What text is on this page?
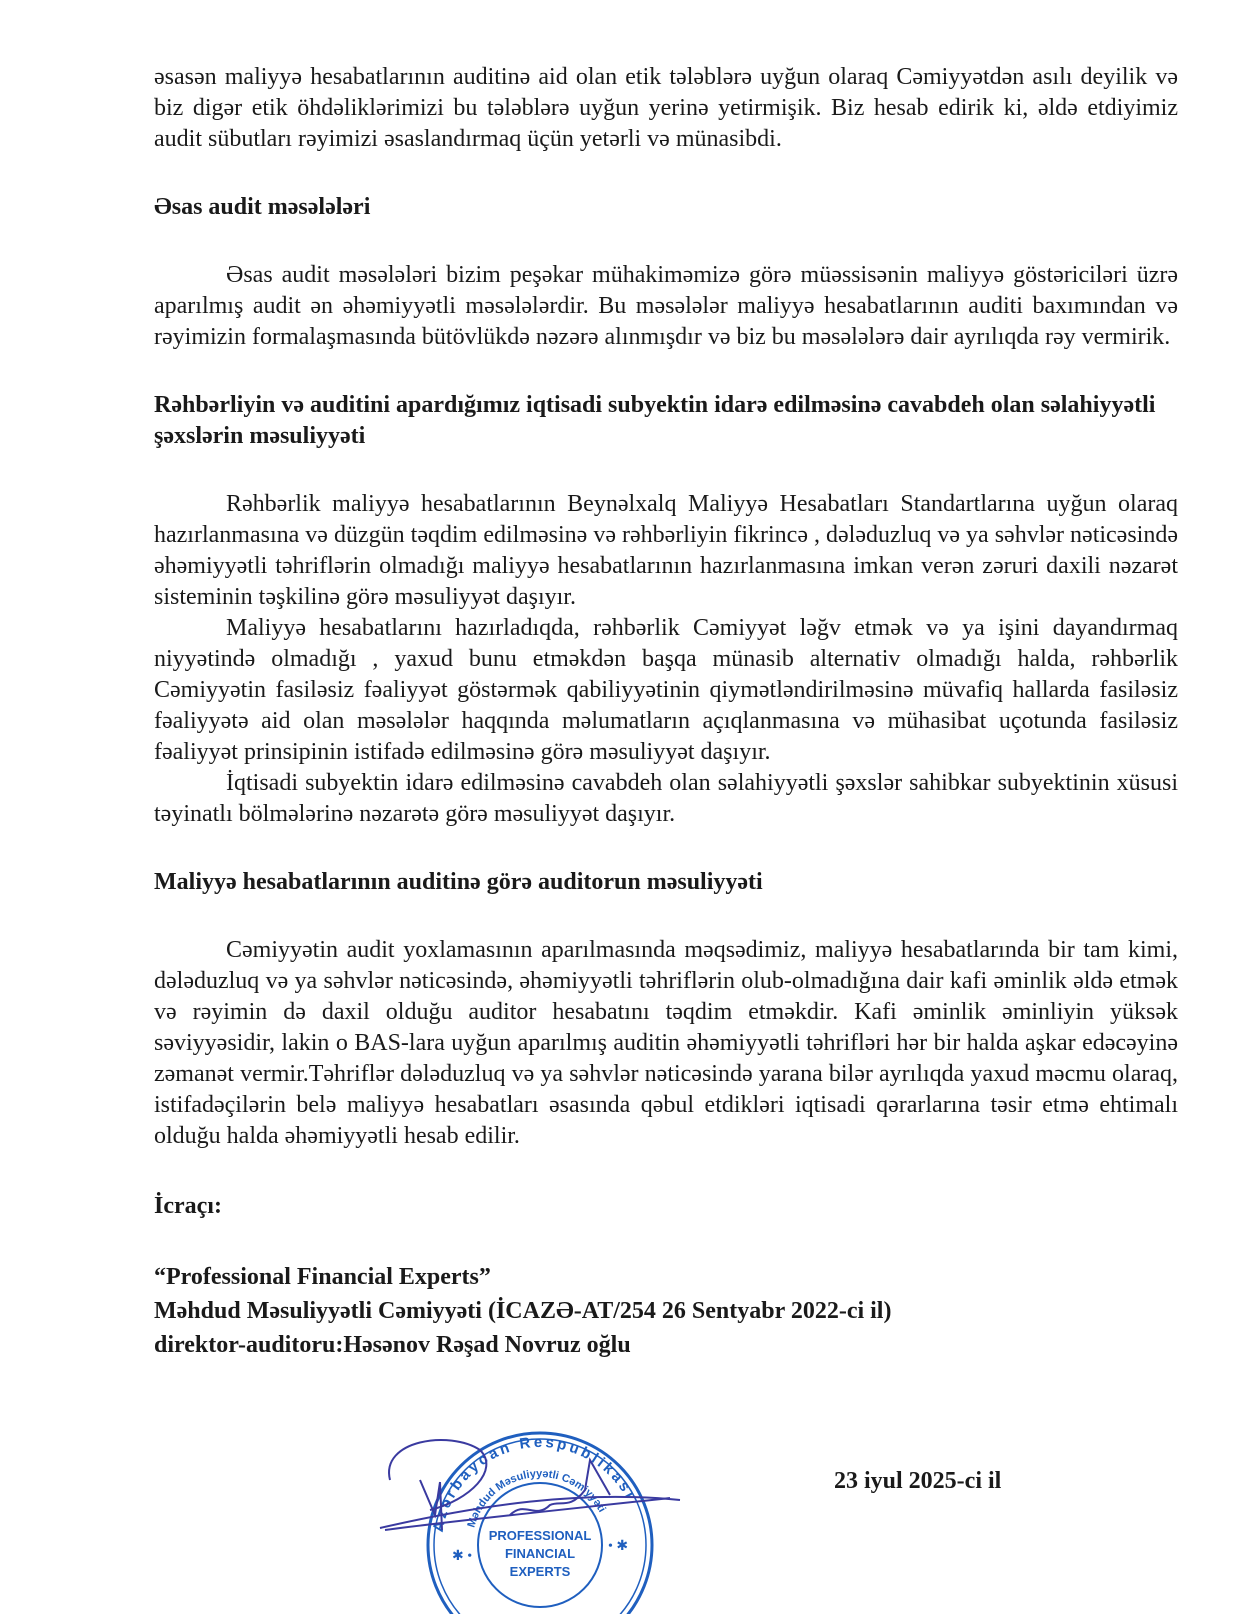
əsasən maliyyə hesabatlarının auditinə aid olan etik tələblərə uyğun olaraq Cəmiyyətdən asılı deyilik və biz digər etik öhdəliklərimizi bu tələblərə uyğun yerinə yetirmişik. Biz hesab edirik ki, əldə etdiyimiz audit sübutları rəyimizi əsaslandırmaq üçün yetərli və münasibdi.

Əsas audit məsələləri

Əsas audit məsələləri bizim peşəkar mühakiməmizə görə müəssisənin maliyyə göstəriciləri üzrə aparılmış audit ən əhəmiyyətli məsələlərdir. Bu məsələlər maliyyə hesabatlarının auditi baxımından və rəyimizin formalaşmasında bütövlükdə nəzərə alınmışdır və biz bu məsələlərə dair ayrılıqda rəy vermirik.

Rəhbərliyin və auditini apardığımız iqtisadi subyektin idarə edilməsinə cavabdeh olan səlahiyyətli şəxslərin məsuliyyəti

Rəhbərlik maliyyə hesabatlarının Beynəlxalq Maliyyə Hesabatları Standartlarına uyğun olaraq hazırlanmasına və düzgün təqdim edilməsinə və rəhbərliyin fikrincə , dələduzluq və ya səhvlər nəticəsində əhəmiyyətli təhriflərin olmadığı maliyyə hesabatlarının hazırlanmasına imkan verən zəruri daxili nəzarət sisteminin təşkilinə görə məsuliyyət daşıyır.

Maliyyə hesabatlarını hazırladıqda, rəhbərlik Cəmiyyət ləğv etmək və ya işini dayandırmaq niyyətində olmadığı , yaxud bunu etməkdən başqa münasib alternativ olmadığı halda, rəhbərlik Cəmiyyətin fasiləsiz fəaliyyət göstərmək qabiliyyətinin qiymətləndirilməsinə müvafiq hallarda fasiləsiz fəaliyyətə aid olan məsələlər haqqında məlumatların açıqlanmasına və mühasibat uçotunda fasiləsiz fəaliyyət prinsipinin istifadə edilməsinə görə məsuliyyət daşıyır.

İqtisadi subyektin idarə edilməsinə cavabdeh olan səlahiyyətli şəxslər sahibkar subyektinin xüsusi təyinatlı bölmələrinə nəzarətə görə məsuliyyət daşıyır.

Maliyyə hesabatlarının auditinə görə auditorun məsuliyyəti

Cəmiyyətin audit yoxlamasının aparılmasında məqsədimiz, maliyyə hesabatlarında bir tam kimi, dələduzluq və ya səhvlər nəticəsində, əhəmiyyətli təhriflərin olub-olmadığına dair kafi əminlik əldə etmək və rəyimin də daxil olduğu auditor hesabatını təqdim etməkdir. Kafi əminlik əminliyin yüksək səviyyəsidir, lakin o BAS-lara uyğun aparılmış auditin əhəmiyyətli təhrifləri hər bir halda aşkar edəcəyinə zəmanət vermir.Təhriflər dələduzluq və ya səhvlər nəticəsində yarana bilər ayrılıqda yaxud məcmu olaraq, istifadəçilərin belə maliyyə hesabatları əsasında qəbul etdikləri iqtisadi qərarlarına təsir etmə ehtimalı olduğu halda əhəmiyyətli hesab edilir.

İcraçı:

“Professional Financial Experts”

Məhdud Məsuliyyətli Cəmiyyəti (İCAZƏ-AT/254 26 Sentyabr 2022-ci il)

direktor-auditoru:Həsənov Rəşad Novruz oğlu

Azərbaycan Respublikası
Məhdud Məsuliyyətli Cəmiyyəti
PROFESSIONAL
FINANCIAL
EXPERTS
✱ •
• ✱
23 iyul 2025-ci il
